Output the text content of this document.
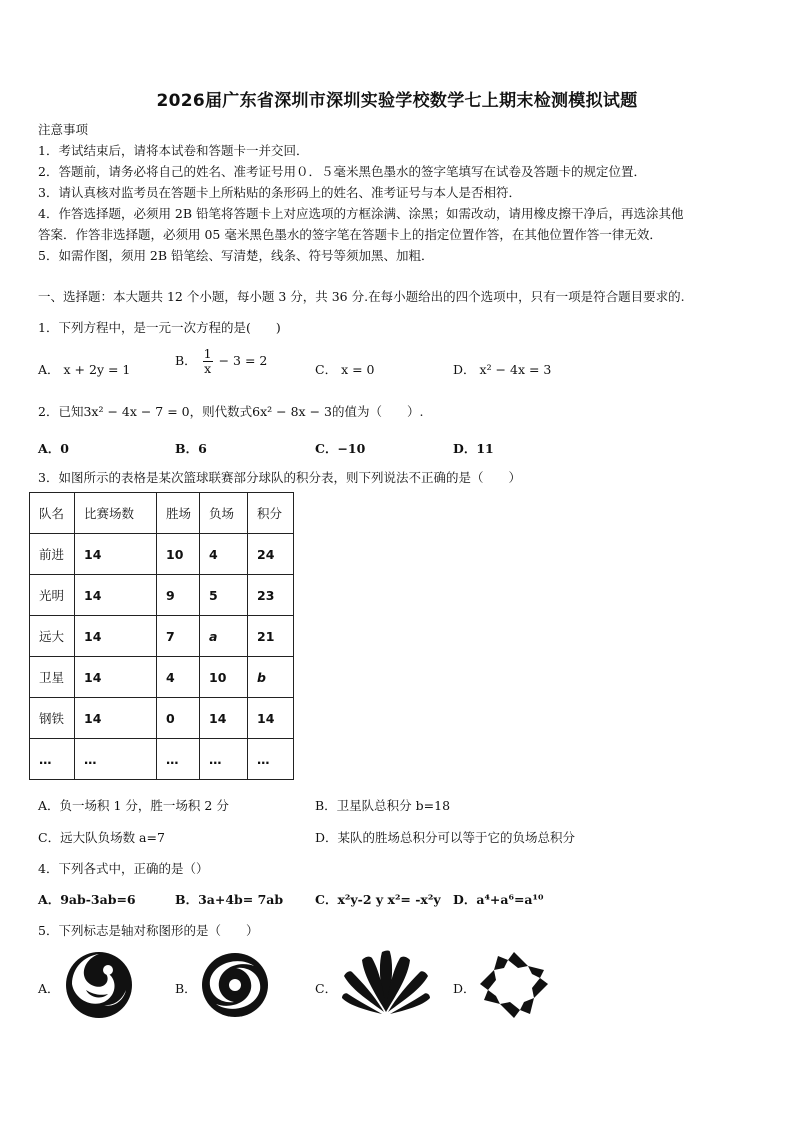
2026届广东省深圳市深圳实验学校数学七上期末检测模拟试题
注意事项
1．考试结束后，请将本试卷和答题卡一并交回．
2．答题前，请务必将自己的姓名、准考证号用０．５毫米黑色墨水的签字笔填写在试卷及答题卡的规定位置．
3．请认真核对监考员在答题卡上所粘贴的条形码上的姓名、准考证号与本人是否相符．
4．作答选择题，必须用 2B 铅笔将答题卡上对应选项的方框涂满、涂黑；如需改动，请用橡皮擦干净后，再选涂其他
答案．作答非选择题，必须用 05 毫米黑色墨水的签字笔在答题卡上的指定位置作答，在其他位置作答一律无效．
5．如需作图，须用 2B 铅笔绘、写清楚，线条、符号等须加黑、加粗．
一、选择题：本大题共 12 个小题，每小题 3 分，共 36 分.在每小题给出的四个选项中，只有一项是符合题目要求的.
1．下列方程中，是一元一次方程的是(　　)
A． x + 2y = 1
B． $\frac{1}{x} - 3 = 2$
C． x = 0	D． x² − 4x = 3
2．已知3x² − 4x − 7 = 0，则代数式6x² − 8x − 3的值为（　　）.
A．0	B．6	C．−10	D．11
3．如图所示的表格是某次篮球联赛部分球队的积分表，则下列说法不正确的是（　　）
队名	比赛场数	胜场	负场	积分
前进	14	10	4	24
光明	14	9	5	23
远大	14	7	a	21
卫星	14	4	10	b
钢铁	14	0	14	14
…	…	…	…	…
A．负一场积 1 分，胜一场积 2 分	B．卫星队总积分 b=18
C．远大队负场数 a=7	D．某队的胜场总积分可以等于它的负场总积分
4．下列各式中，正确的是（）
A．9ab-3ab=6	B．3a+4b= 7ab	C．x²y-2 y x²= -x²y D．a⁴+a⁶=a¹⁰
5．下列标志是轴对称图形的是（　　）
A．	B．	C．	D．
